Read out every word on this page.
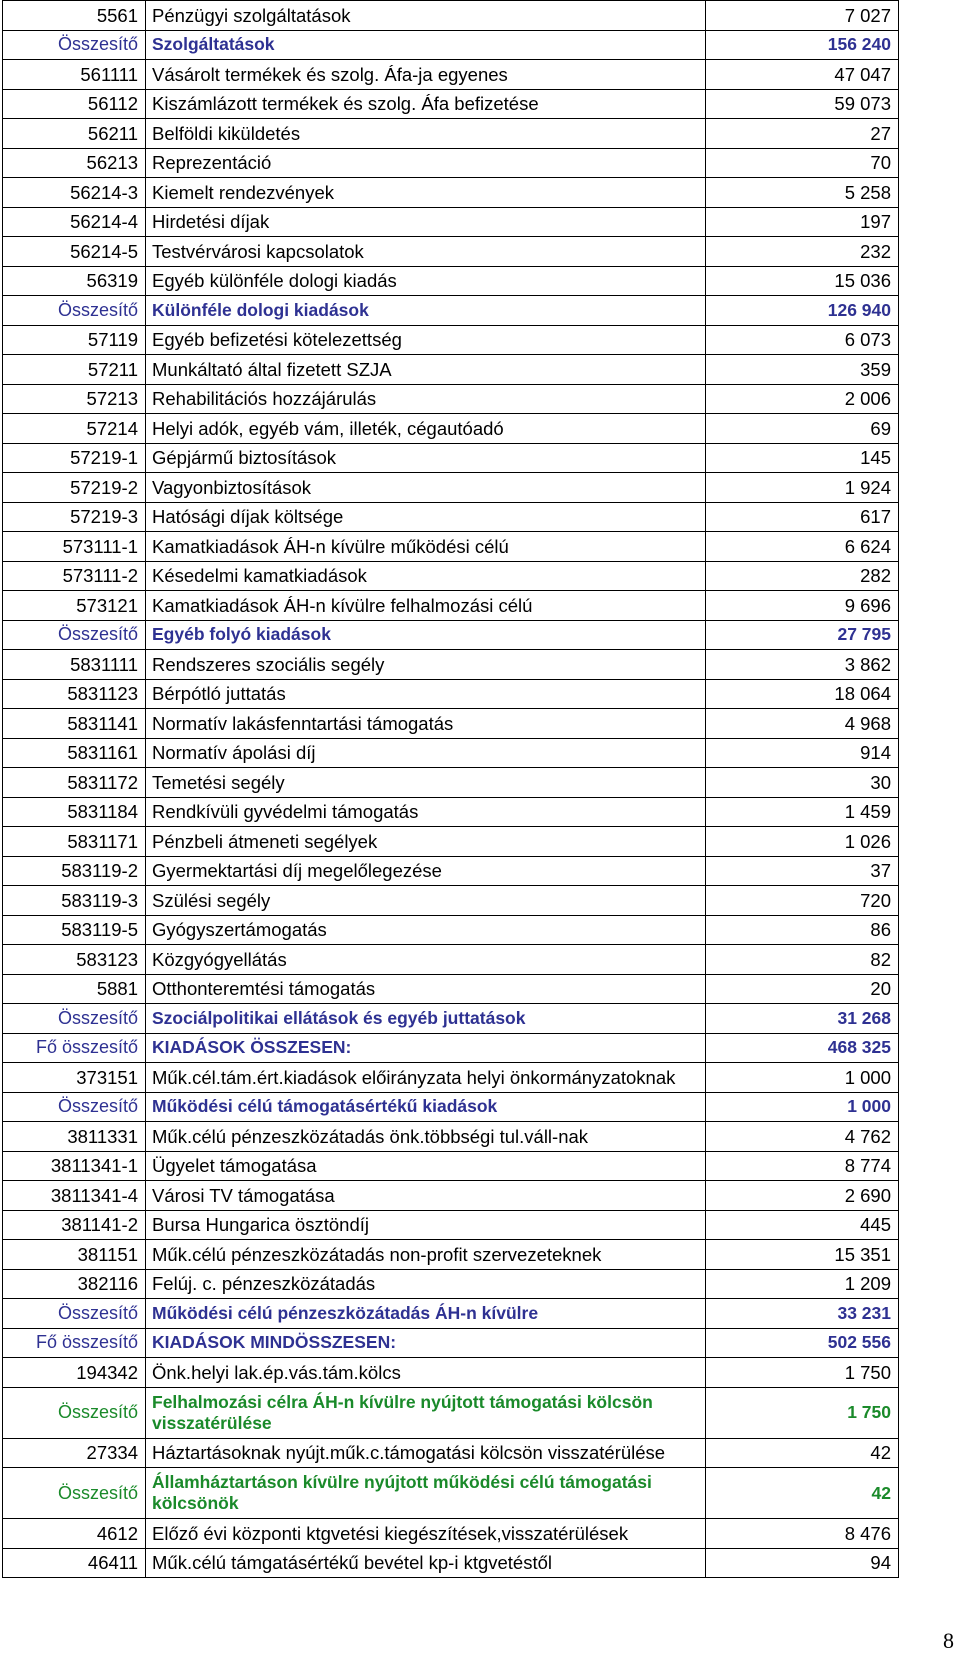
5561	Pénzügyi szolgáltatások	7 027
Összesítő	Szolgáltatások	156 240
561111	Vásárolt termékek és szolg. Áfa-ja egyenes	47 047
56112	Kiszámlázott termékek és szolg. Áfa befizetése	59 073
56211	Belföldi kiküldetés	27
56213	Reprezentáció	70
56214-3	Kiemelt rendezvények	5 258
56214-4	Hirdetési díjak	197
56214-5	Testvérvárosi kapcsolatok	232
56319	Egyéb különféle dologi kiadás	15 036
Összesítő	Különféle dologi kiadások	126 940
57119	Egyéb befizetési kötelezettség	6 073
57211	Munkáltató által fizetett SZJA	359
57213	Rehabilitációs hozzájárulás	2 006
57214	Helyi adók, egyéb vám, illeték, cégautóadó	69
57219-1	Gépjármű biztosítások	145
57219-2	Vagyonbiztosítások	1 924
57219-3	Hatósági díjak költsége	617
573111-1	Kamatkiadások ÁH-n kívülre működési célú	6 624
573111-2	Késedelmi kamatkiadások	282
573121	Kamatkiadások ÁH-n kívülre felhalmozási célú	9 696
Összesítő	Egyéb folyó kiadások	27 795
5831111	Rendszeres szociális segély	3 862
5831123	Bérpótló juttatás	18 064
5831141	Normatív lakásfenntartási támogatás	4 968
5831161	Normatív ápolási díj	914
5831172	Temetési segély	30
5831184	Rendkívüli gyvédelmi támogatás	1 459
5831171	Pénzbeli átmeneti segélyek	1 026
583119-2	Gyermektartási díj megelőlegezése	37
583119-3	Szülési segély	720
583119-5	Gyógyszertámogatás	86
583123	Közgyógyellátás	82
5881	Otthonteremtési támogatás	20
Összesítő	Szociálpolitikai ellátások és egyéb juttatások	31 268
Fő összesítő	KIADÁSOK ÖSSZESEN:	468 325
373151	Műk.cél.tám.ért.kiadások előirányzata helyi önkormányzatoknak	1 000
Összesítő	Működési célú támogatásértékű kiadások	1 000
3811331	Műk.célú pénzeszközátadás önk.többségi tul.váll-nak	4 762
3811341-1	Ügyelet támogatása	8 774
3811341-4	Városi TV támogatása	2 690
381141-2	Bursa Hungarica ösztöndíj	445
381151	Műk.célú pénzeszközátadás non-profit szervezeteknek	15 351
382116	Felúj. c. pénzeszközátadás	1 209
Összesítő	Működési célú pénzeszközátadás ÁH-n kívülre	33 231
Fő összesítő	KIADÁSOK MINDÖSSZESEN:	502 556
194342	Önk.helyi lak.ép.vás.tám.kölcs	1 750
Összesítő	Felhalmozási célra ÁH-n kívülre nyújtott támogatási kölcsön visszatérülése	1 750
27334	Háztartásoknak nyújt.műk.c.támogatási kölcsön visszatérülése	42
Összesítő	Államháztartáson kívülre nyújtott működési célú támogatási kölcsönök	42
4612	Előző évi központi ktgvetési kiegészítések,visszatérülések	8 476
46411	Műk.célú támgatásértékű bevétel kp-i ktgvetéstől	94
8
